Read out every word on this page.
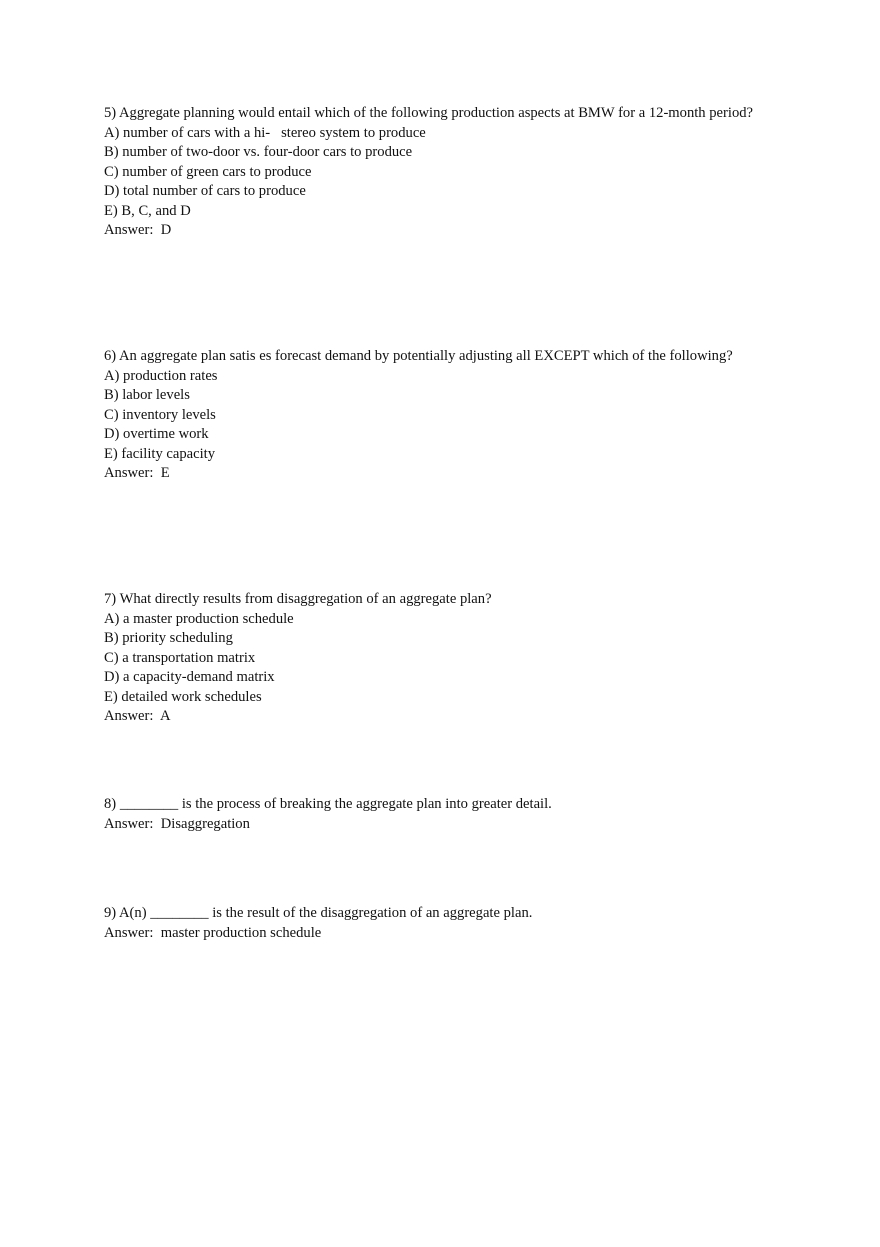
5) Aggregate planning would entail which of the following production aspects at BMW for a 12-month period?

A) number of cars with a hi-   stereo system to produce

B) number of two-door vs. four-door cars to produce

C) number of green cars to produce

D) total number of cars to produce

E) B, C, and D

Answer:  D

6) An aggregate plan satis es forecast demand by potentially adjusting all EXCEPT which of the following?

A) production rates

B) labor levels

C) inventory levels

D) overtime work

E) facility capacity

Answer:  E

7) What directly results from disaggregation of an aggregate plan?

A) a master production schedule

B) priority scheduling

C) a transportation matrix

D) a capacity-demand matrix

E) detailed work schedules

Answer:  A

8) ________ is the process of breaking the aggregate plan into greater detail.

Answer:  Disaggregation

9) A(n) ________ is the result of the disaggregation of an aggregate plan.

Answer:  master production schedule
